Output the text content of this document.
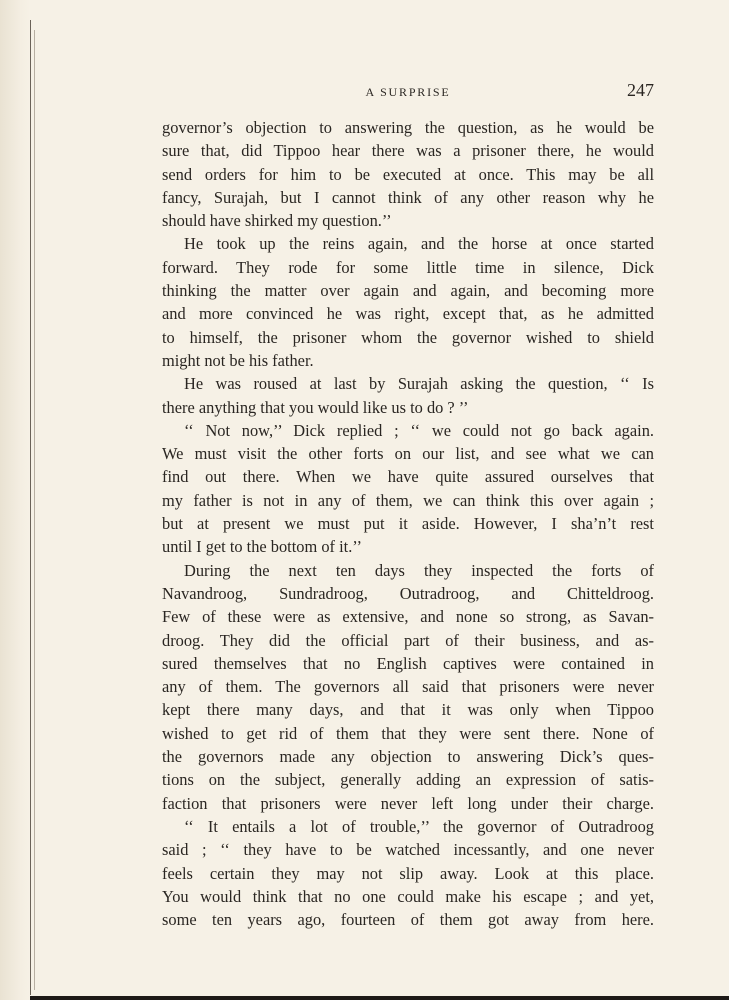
A SURPRISE	247
governor’s objection to answering the question, as he would be
sure that, did Tippoo hear there was a prisoner there, he would
send orders for him to be executed at once. This may be all
fancy, Surajah, but I cannot think of any other reason why he
should have shirked my question.’’
He took up the reins again, and the horse at once started
forward. They rode for some little time in silence, Dick
thinking the matter over again and again, and becoming more
and more convinced he was right, except that, as he admitted
to himself, the prisoner whom the governor wished to shield
might not be his father.
He was roused at last by Surajah asking the question, ‘‘ Is
there anything that you would like us to do ? ’’
‘‘ Not now,’’ Dick replied ; ‘‘ we could not go back again.
We must visit the other forts on our list, and see what we can
find out there. When we have quite assured ourselves that
my father is not in any of them, we can think this over again ;
but at present we must put it aside. However, I sha’n’t rest
until I get to the bottom of it.’’
During the next ten days they inspected the forts of
Navandroog, Sundradroog, Outradroog, and Chitteldroog.
Few of these were as extensive, and none so strong, as Savan-
droog. They did the official part of their business, and as-
sured themselves that no English captives were contained in
any of them. The governors all said that prisoners were never
kept there many days, and that it was only when Tippoo
wished to get rid of them that they were sent there. None of
the governors made any objection to answering Dick’s ques-
tions on the subject, generally adding an expression of satis-
faction that prisoners were never left long under their charge.
‘‘ It entails a lot of trouble,’’ the governor of Outradroog
said ; ‘‘ they have to be watched incessantly, and one never
feels certain they may not slip away. Look at this place.
You would think that no one could make his escape ; and yet,
some ten years ago, fourteen of them got away from here.
